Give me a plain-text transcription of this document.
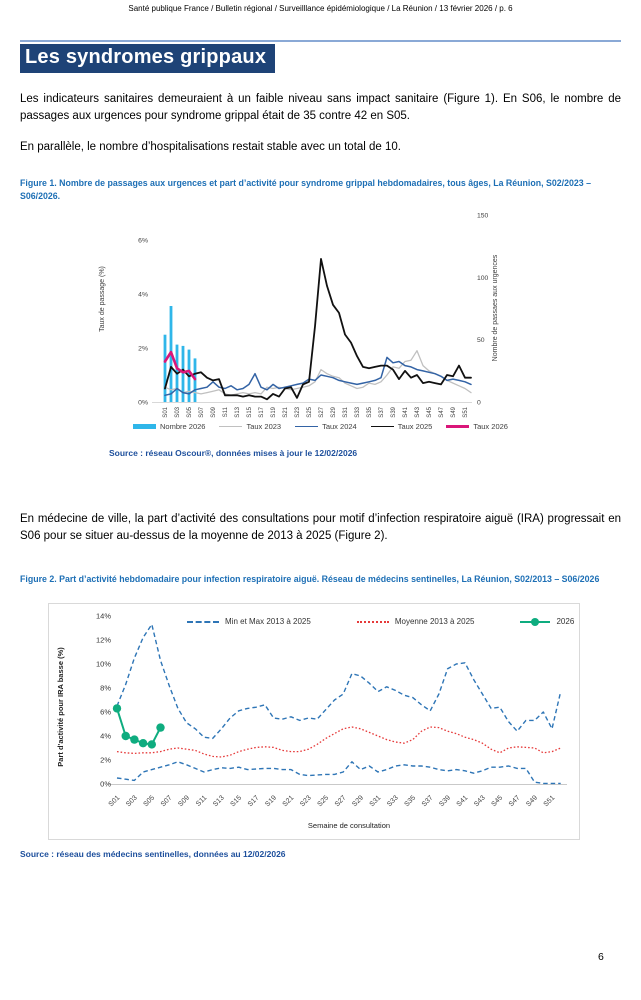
Santé publique France / Bulletin régional / Surveilllance épidémiologique / La Réunion / 13 février 2026 / p. 6
Les syndromes grippaux

Les indicateurs sanitaires demeuraient à un faible niveau sans impact sanitaire (Figure 1). En S06, le nombre de passages aux urgences pour syndrome grippal était de 35 contre 42 en S05.

En parallèle, le nombre d’hospitalisations restait stable avec un total de 10.

Figure 1. Nombre de passages aux urgences et part d’activité pour syndrome grippal hebdomadaires, tous âges, La Réunion, S02/2023 – S06/2026.

0%
2%
4%
6%
0
50
100
150
Taux de passage (%)	Nombre de passaes aux urgences
S01 S03 S05 S07 S09 S11 S13 S15 S17 S19 S21 S23 S25 S27 S29 S31 S33 S35 S37 S39 S41 S43 S45 S47 S49 S51
Nombre 2026	Taux 2023	Taux 2024	Taux 2025	Taux 2026

Source : réseau Oscour®, données mises à jour le 12/02/2026

En médecine de ville, la part d’activité des consultations pour motif d’infection respiratoire aiguë (IRA) progressait en S06 pour se situer au-dessus de la moyenne de 2013 à 2025 (Figure 2).

Figure 2. Part d’activité hebdomadaire pour infection respiratoire aiguë. Réseau de médecins sentinelles, La Réunion, S02/2013 – S06/2026

0%
2%
4%
6%
8%
10%
12%
14%
Part d'activité pour IRA basse (%)
S01 S03 S05 S07 S09 S11 S13 S15 S17 S19 S21 S23 S25 S27 S29 S31 S33 S35 S37 S39 S41 S43 S45 S47 S49 S51
Semaine de consultation
Min et Max 2013 à 2025	Moyenne 2013 à 2025	2026

Source : réseau des médecins sentinelles, données au 12/02/2026

6
